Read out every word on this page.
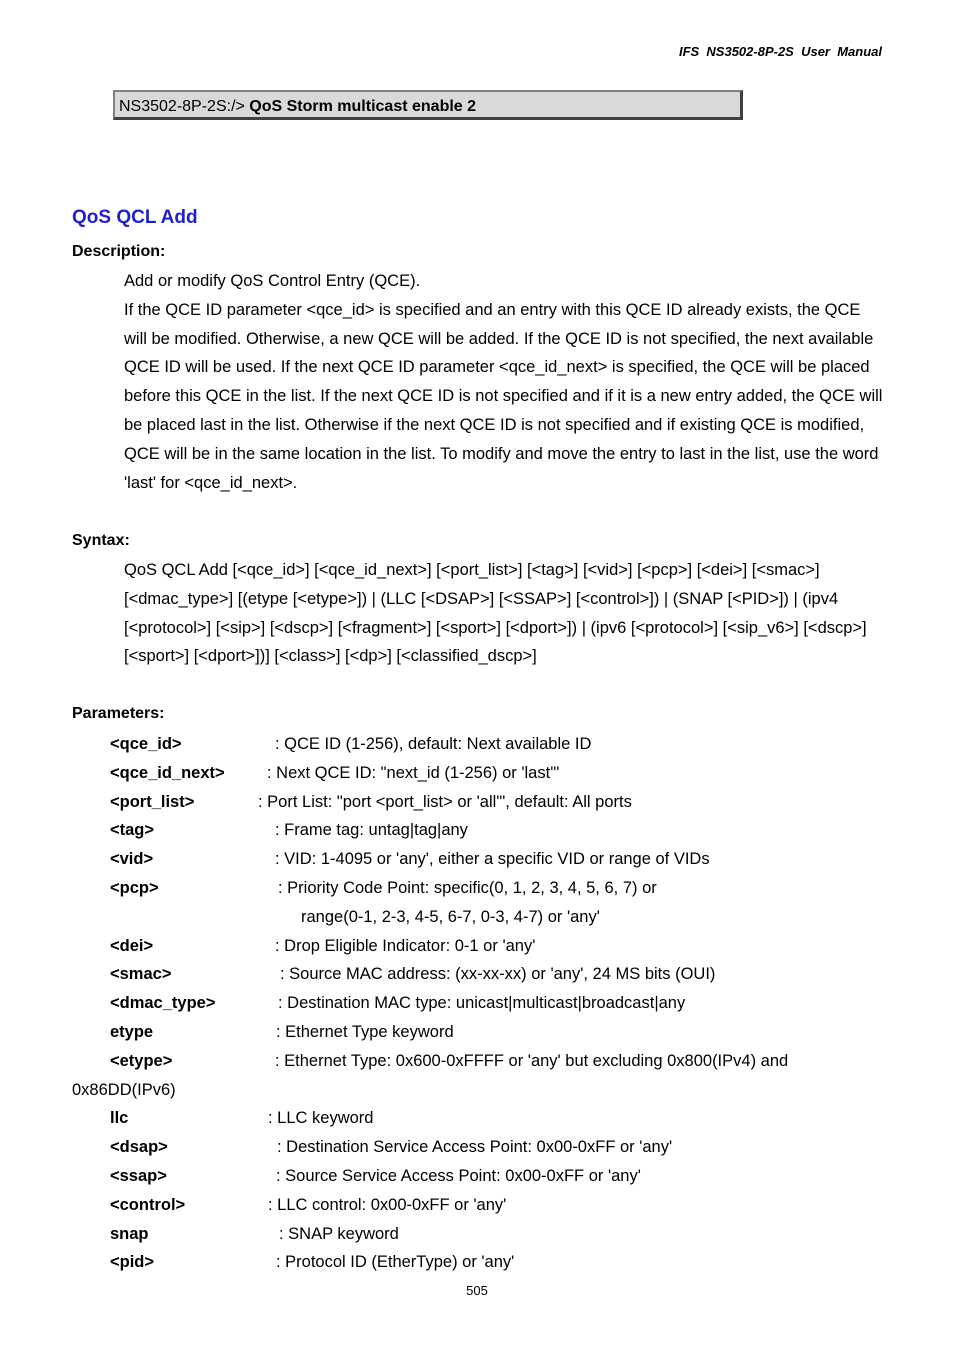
IFS  NS3502-8P-2S  User  Manual
NS3502-8P-2S:/> QoS Storm multicast enable 2
QoS QCL Add
Description:

Add or modify QoS Control Entry (QCE).

If the QCE ID parameter <qce_id> is specified and an entry with this QCE ID already exists, the QCE will be modified. Otherwise, a new QCE will be added. If the QCE ID is not specified, the next available QCE ID will be used. If the next QCE ID parameter <qce_id_next> is specified, the QCE will be placed before this QCE in the list. If the next QCE ID is not specified and if it is a new entry added, the QCE will be placed last in the list. Otherwise if the next QCE ID is not specified and if existing QCE is modified, QCE will be in the same location in the list. To modify and move the entry to last in the list, use the word 'last' for <qce_id_next>.

Syntax:

QoS QCL Add [<qce_id>] [<qce_id_next>] [<port_list>] [<tag>] [<vid>] [<pcp>] [<dei>] [<smac>] [<dmac_type>] [(etype [<etype>]) | (LLC [<DSAP>] [<SSAP>] [<control>]) | (SNAP [<PID>]) | (ipv4 [<protocol>] [<sip>] [<dscp>] [<fragment>] [<sport>] [<dport>]) | (ipv6 [<protocol>] [<sip_v6>] [<dscp>] [<sport>] [<dport>])] [<class>] [<dp>] [<classified_dscp>]

Parameters:
<qce_id>	: QCE ID (1-256), default: Next available ID
<qce_id_next>	: Next QCE ID: "next_id (1-256) or 'last'"
<port_list>	: Port List: "port <port_list> or 'all'", default: All ports
<tag>	: Frame tag: untag|tag|any
<vid>	: VID: 1-4095 or 'any', either a specific VID or range of VIDs
<pcp>	: Priority Code Point: specific(0, 1, 2, 3, 4, 5, 6, 7) or
range(0-1, 2-3, 4-5, 6-7, 0-3, 4-7) or 'any'
<dei>	: Drop Eligible Indicator: 0-1 or 'any'
<smac>	: Source MAC address: (xx-xx-xx) or 'any', 24 MS bits (OUI)
<dmac_type>	: Destination MAC type: unicast|multicast|broadcast|any
etype	: Ethernet Type keyword
<etype>	: Ethernet Type: 0x600-0xFFFF or 'any' but excluding 0x800(IPv4) and
0x86DD(IPv6)
llc	: LLC keyword
<dsap>	: Destination Service Access Point: 0x00-0xFF or 'any'
<ssap>	: Source Service Access Point: 0x00-0xFF or 'any'
<control>	: LLC control: 0x00-0xFF or 'any'
snap	: SNAP keyword
<pid>	: Protocol ID (EtherType) or 'any'
505
